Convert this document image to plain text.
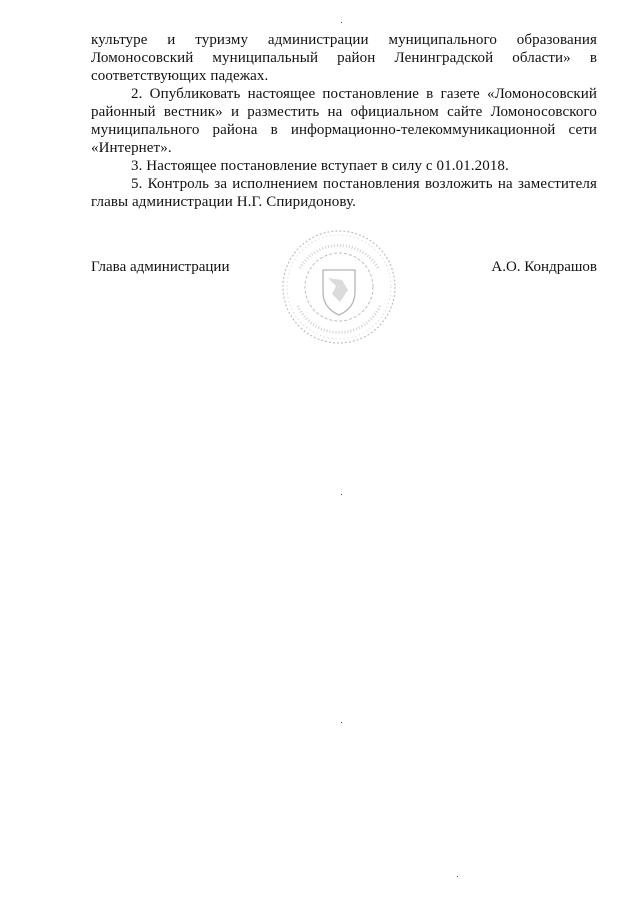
культуре и туризму администрации муниципального образования Ломоносовский муниципальный район Ленинградской области» в соответствующих падежах.

2. Опубликовать настоящее постановление в газете «Ломоносовский районный вестник» и разместить на официальном сайте Ломоносовского муниципального района в информационно-телекоммуникационной сети «Интернет».

3. Настоящее постановление вступает в силу с 01.01.2018.

5. Контроль за исполнением постановления возложить на заместителя главы администрации Н.Г. Спиридонову.

Глава администрации	А.О. Кондрашов
